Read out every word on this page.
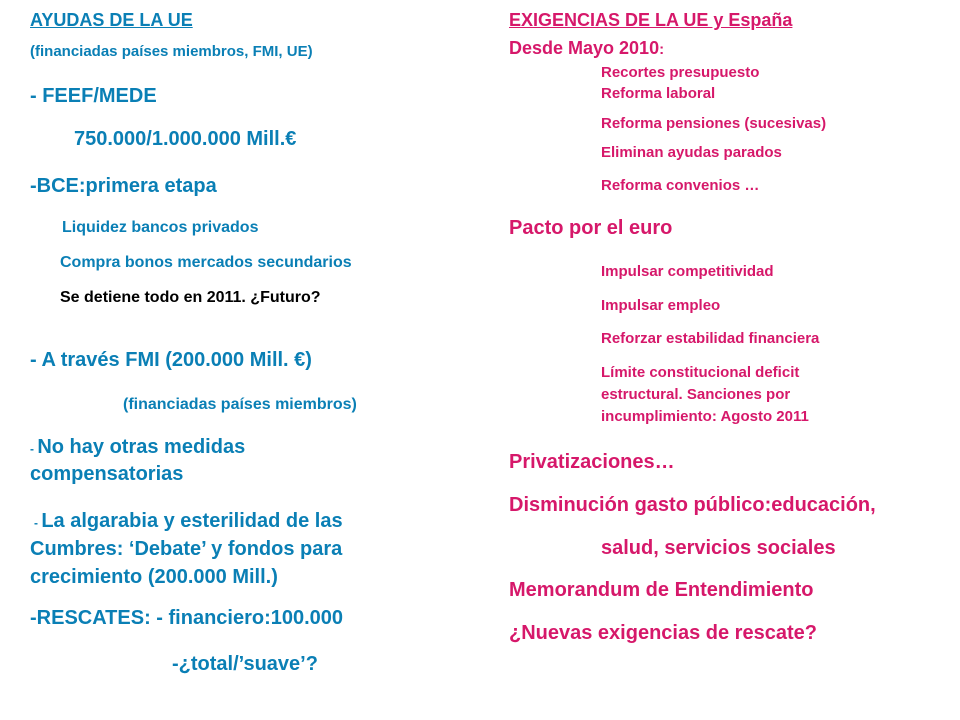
AYUDAS DE LA UE
(financiadas países miembros, FMI, UE)
- FEEF/MEDE
750.000/1.000.000 Mill.€
-BCE:primera etapa
Liquidez bancos privados
Compra bonos mercados secundarios
Se detiene todo en 2011. ¿Futuro?
- A través FMI (200.000 Mill. €)
(financiadas países miembros)
- No hay otras medidas
compensatorias
- La algarabia y esterilidad de las
Cumbres: ‘Debate’ y fondos para
crecimiento (200.000 Mill.)
-RESCATES: - financiero:100.000
-¿total/’suave’?
EXIGENCIAS DE LA UE y España
Desde Mayo 2010:
Recortes presupuesto
Reforma laboral
Reforma pensiones (sucesivas)
Eliminan ayudas parados
Reforma convenios …
Pacto por el euro
Impulsar competitividad
Impulsar empleo
Reforzar estabilidad financiera
Límite constitucional deficit
estructural. Sanciones por
incumplimiento: Agosto 2011
Privatizaciones…
Disminución gasto público:educación,
salud, servicios sociales
Memorandum de Entendimiento
¿Nuevas exigencias de rescate?
